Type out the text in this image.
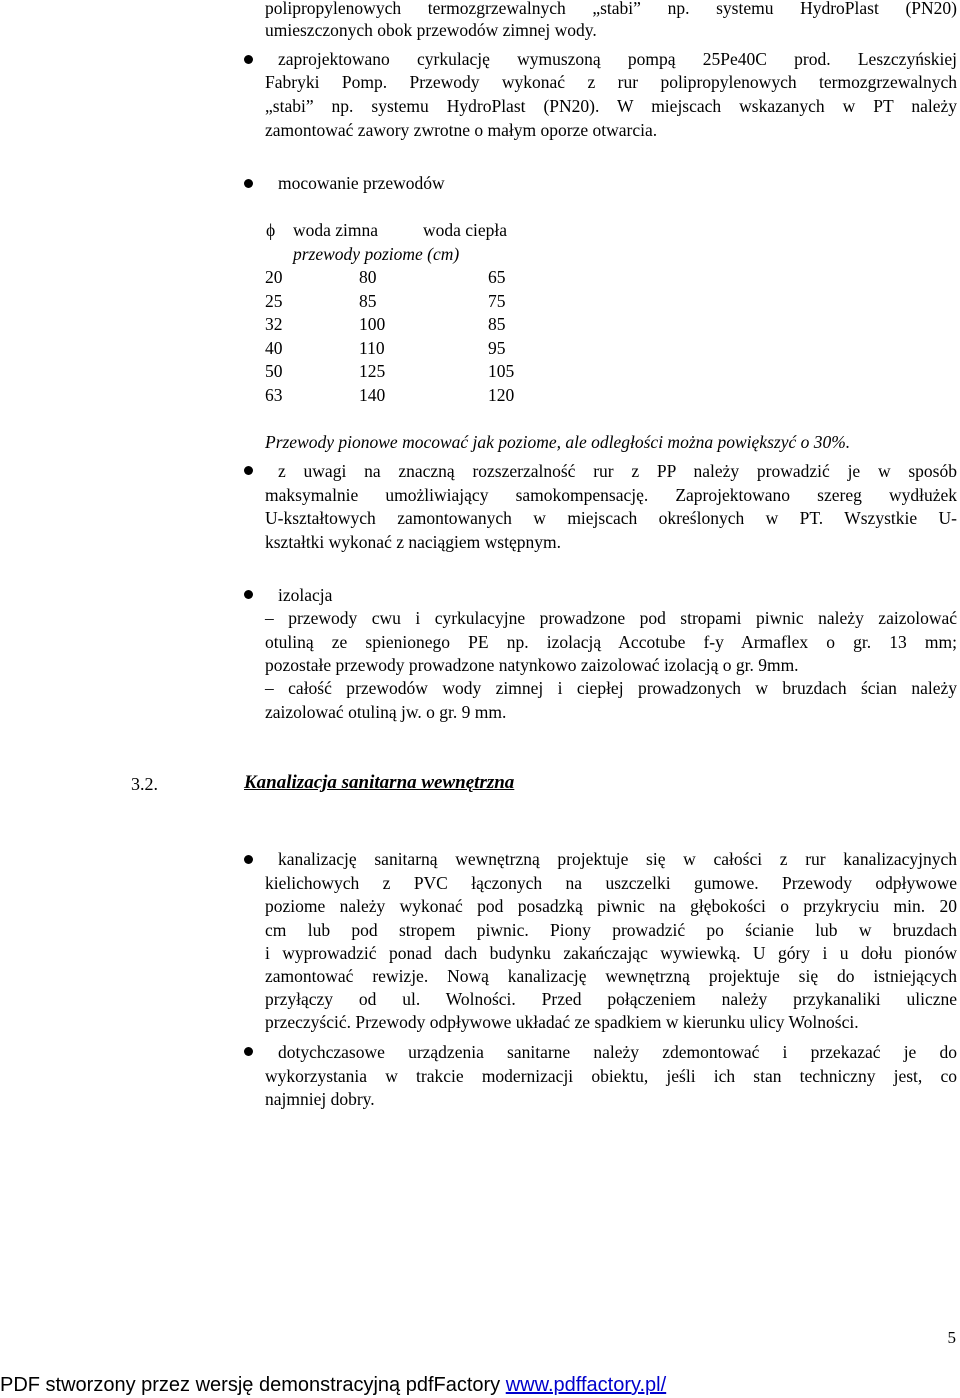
polipropylenowych termozgrzewalnych „stabi” np. systemu HydroPlast (PN20)
umieszczonych obok przewodów zimnej wody.
zaprojektowano cyrkulację wymuszoną pompą 25Pe40C prod. Leszczyńskiej
Fabryki Pomp. Przewody wykonać z rur polipropylenowych termozgrzewalnych
„stabi” np. systemu HydroPlast (PN20). W miejscach wskazanych w PT należy
zamontować zawory zwrotne o małym oporze otwarcia.
mocowanie przewodów
ϕ woda zimna	woda ciepła
przewody poziome (cm)
20	80	65
25	85	75
32	100	85
40	110	95
50	125	105
63	140	120
Przewody pionowe mocować jak poziome, ale odległości można powiększyć o 30%.
z uwagi na znaczną rozszerzalność rur z PP należy prowadzić je w sposób
maksymalnie umożliwiający samokompensację. Zaprojektowano szereg wydłużek
U-kształtowych zamontowanych w miejscach określonych w PT. Wszystkie U-
kształtki wykonać z naciągiem wstępnym.
izolacja
– przewody cwu i cyrkulacyjne prowadzone pod stropami piwnic należy zaizolować
otuliną ze spienionego PE np. izolacją Accotube f-y Armaflex o gr. 13 mm;
pozostałe przewody prowadzone natynkowo zaizolować izolacją o gr. 9mm.
– całość przewodów wody zimnej i ciepłej prowadzonych w bruzdach ścian należy
zaizolować otuliną jw. o gr. 9 mm.
3.2.	Kanalizacja sanitarna wewnętrzna
kanalizację sanitarną wewnętrzną projektuje się w całości z rur kanalizacyjnych
kielichowych z PVC łączonych na uszczelki gumowe. Przewody odpływowe
poziome należy wykonać pod posadzką piwnic na głębokości o przykryciu min. 20
cm lub pod stropem piwnic. Piony prowadzić po ścianie lub w bruzdach
i wyprowadzić ponad dach budynku zakańczając wywiewką. U góry i u dołu pionów
zamontować rewizje. Nową kanalizację wewnętrzną projektuje się do istniejących
przyłączy od ul. Wolności. Przed połączeniem należy przykanaliki uliczne
przeczyścić. Przewody odpływowe układać ze spadkiem w kierunku ulicy Wolności.
dotychczasowe urządzenia sanitarne należy zdemontować i przekazać je do
wykorzystania w trakcie modernizacji obiektu, jeśli ich stan techniczny jest, co
najmniej dobry.
5
PDF stworzony przez wersję demonstracyjną pdfFactory www.pdffactory.pl/
